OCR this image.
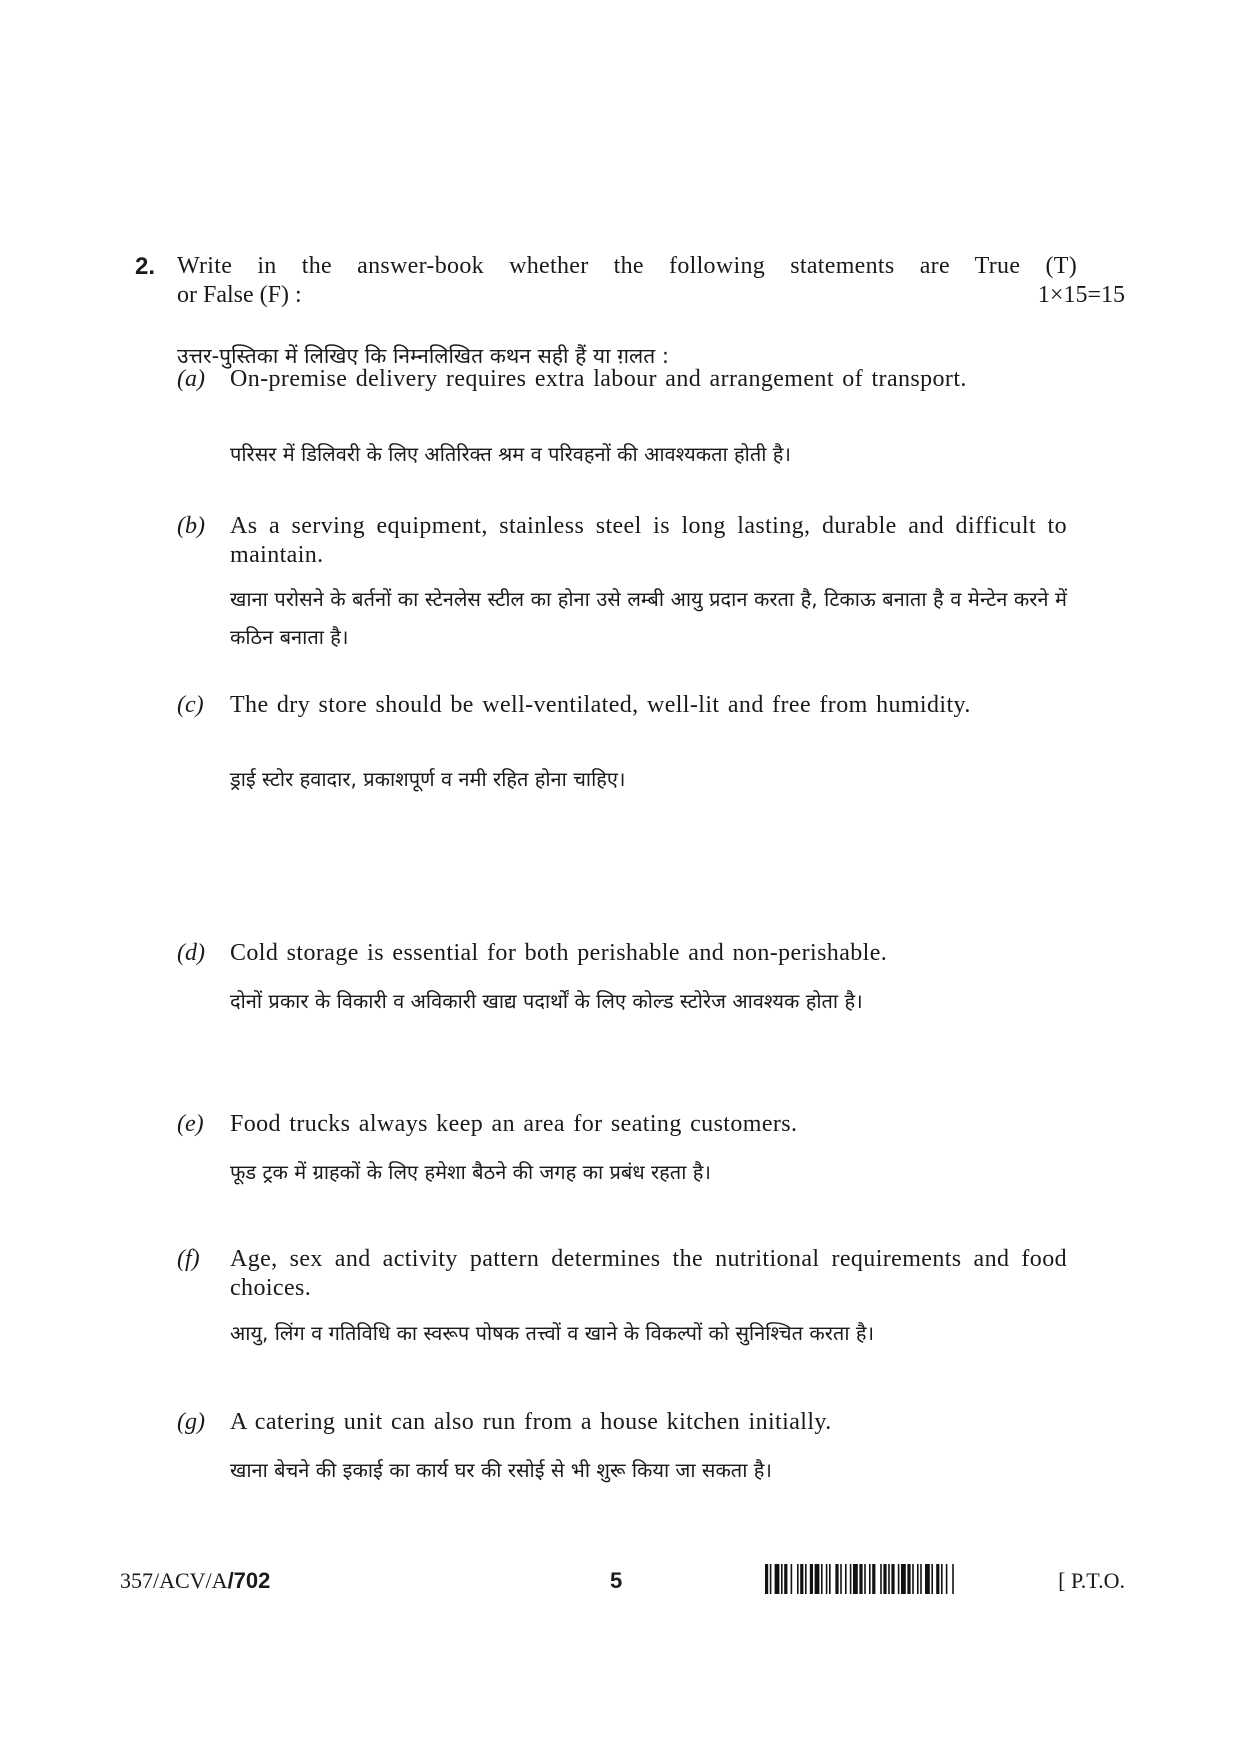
2. Write in the answer-book whether the following statements are True (T)
or False (F) :	1×15=15
उत्तर-पुस्तिका में लिखिए कि निम्नलिखित कथन सही हैं या ग़लत :
(a) On-premise delivery requires extra labour and arrangement of transport.
परिसर में डिलिवरी के लिए अतिरिक्त श्रम व परिवहनों की आवश्यकता होती है।
(b) As a serving equipment, stainless steel is long lasting, durable and difficult to maintain.
खाना परोसने के बर्तनों का स्टेनलेस स्टील का होना उसे लम्बी आयु प्रदान करता है, टिकाऊ बनाता है व मेन्टेन करने में कठिन बनाता है।
(c) The dry store should be well-ventilated, well-lit and free from humidity.
ड्राई स्टोर हवादार, प्रकाशपूर्ण व नमी रहित होना चाहिए।
(d) Cold storage is essential for both perishable and non-perishable.
दोनों प्रकार के विकारी व अविकारी खाद्य पदार्थों के लिए कोल्ड स्टोरेज आवश्यक होता है।
(e) Food trucks always keep an area for seating customers.
फूड ट्रक में ग्राहकों के लिए हमेशा बैठने की जगह का प्रबंध रहता है।
(f) Age, sex and activity pattern determines the nutritional requirements and food choices.
आयु, लिंग व गतिविधि का स्वरूप पोषक तत्त्वों व खाने के विकल्पों को सुनिश्चित करता है।
(g) A catering unit can also run from a house kitchen initially.
खाना बेचने की इकाई का कार्य घर की रसोई से भी शुरू किया जा सकता है।
357/ACV/A/702	5	[ P.T.O.
